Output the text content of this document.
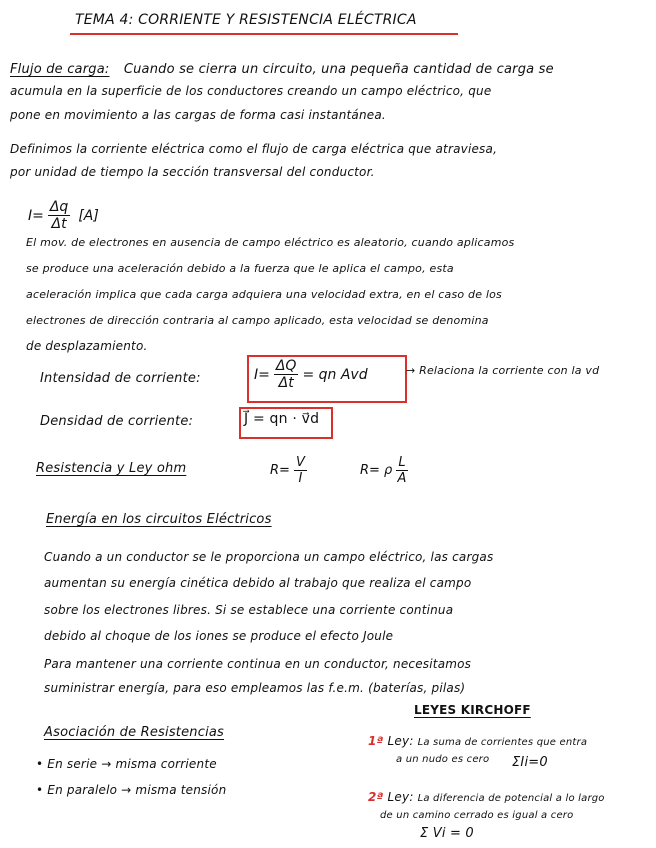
TEMA 4: CORRIENTE Y RESISTENCIA ELÉCTRICA
Flujo de carga: Cuando se cierra un circuito, una pequeña cantidad de carga se
acumula en la superficie de los conductores creando un campo eléctrico, que
pone en movimiento a las cargas de forma casi instantánea.
Definimos la corriente eléctrica como el flujo de carga eléctrica que atraviesa,
por unidad de tiempo la sección transversal del conductor.
$I= \frac{\Delta q}{\Delta t} [A]$
El mov. de electrones en ausencia de campo eléctrico es aleatorio, cuando aplicamos
se produce una aceleración debido a la fuerza que le aplica el campo, esta
aceleración implica que cada carga adquiera una velocidad extra, en el caso de los
electrones de dirección contraria al campo aplicado, esta velocidad se denomina
de desplazamiento.
Intensidad de corriente:	$I= \frac{\Delta Q}{\Delta t}$ = qn Avd	→ Relaciona la corriente con la vd
Densidad de corriente:	J⃗ = qn · v⃗d
Resistencia y Ley ohm	$R= \frac{V}{I}$	R= ρ $\frac{L}{A}$
Energía en los circuitos Eléctricos
Cuando a un conductor se le proporciona un campo eléctrico, las cargas
aumentan su energía cinética debido al trabajo que realiza el campo
sobre los electrones libres. Si se establece una corriente continua
debido al choque de los iones se produce el efecto Joule
Para mantener una corriente continua en un conductor, necesitamos
suministrar energía, para eso empleamos las f.e.m. (baterías, pilas)
Asociación de Resistencias
• En serie → misma corriente
• En paralelo → misma tensión
LEYES KIRCHOFF
1ª Ley: La suma de corrientes que entra
a un nudo es cero ΣIi=0
2ª Ley: La diferencia de potencial a lo largo
de un camino cerrado es igual a cero
Σ Vi = 0
